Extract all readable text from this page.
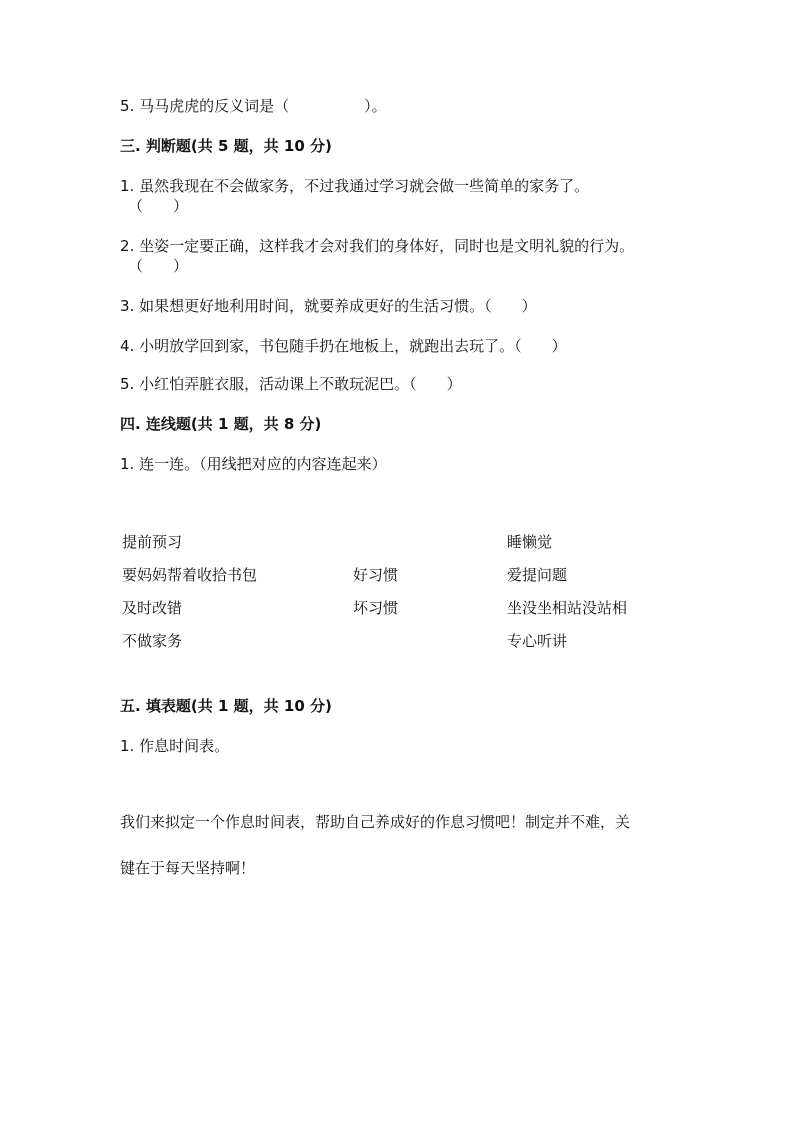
5. 马马虎虎的反义词是（　　　　　）。
三. 判断题(共 5 题，共 10 分)
1. 虽然我现在不会做家务，不过我通过学习就会做一些简单的家务了。
（　　）
2. 坐姿一定要正确，这样我才会对我们的身体好，同时也是文明礼貌的行为。
（　　）
3. 如果想更好地利用时间，就要养成更好的生活习惯。（　　）
4. 小明放学回到家，书包随手扔在地板上，就跑出去玩了。（　　）
5. 小红怕弄脏衣服，活动课上不敢玩泥巴。（　　）
四. 连线题(共 1 题，共 8 分)
1. 连一连。（用线把对应的内容连起来）
提前预习
要妈妈帮着收拾书包
及时改错
不做家务
好习惯
坏习惯
睡懒觉
爱提问题
坐没坐相站没站相
专心听讲
五. 填表题(共 1 题，共 10 分)
1. 作息时间表。
我们来拟定一个作息时间表，帮助自己养成好的作息习惯吧！制定并不难，关
键在于每天坚持啊！
